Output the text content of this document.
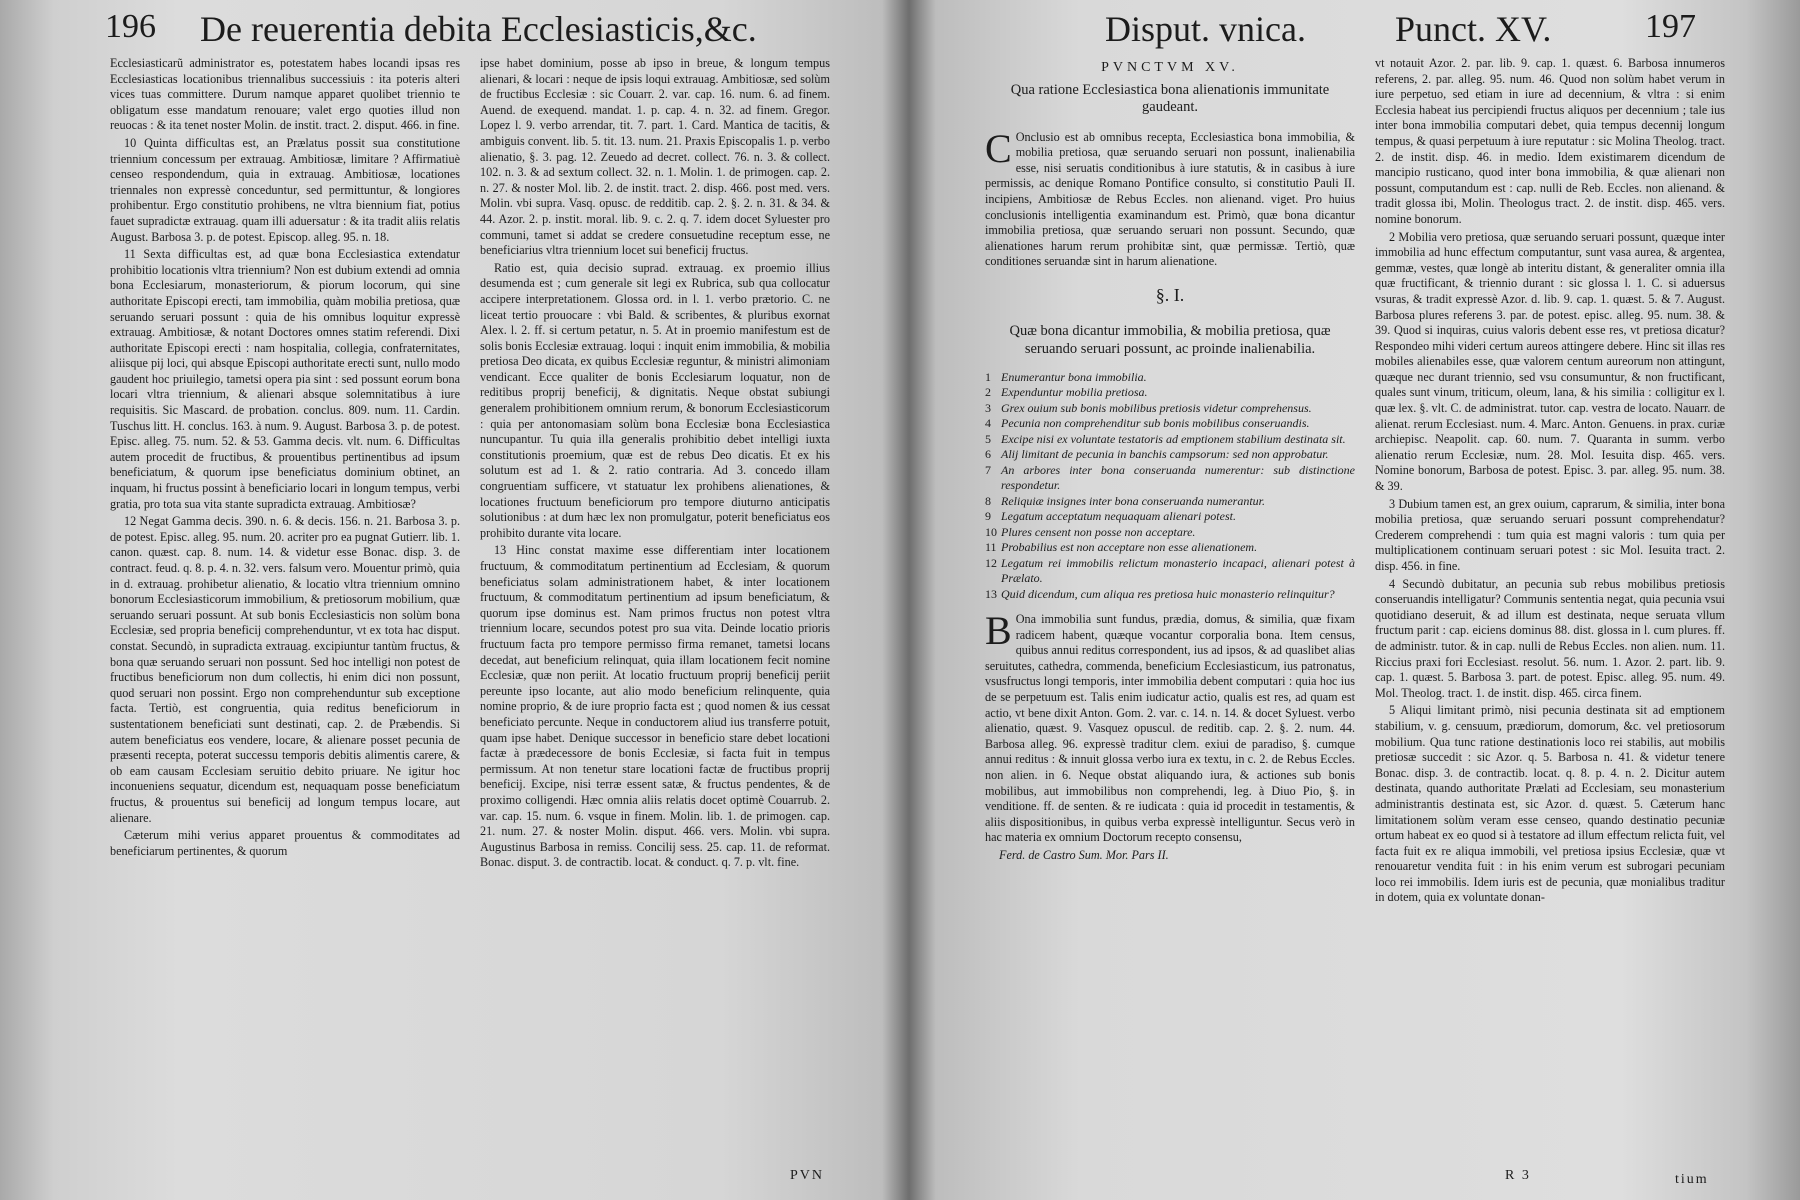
196 De reuerentia debita Ecclesiasticis,&c.

Ecclesiasticarũ administrator es, potestatem habes locandi ipsas res Ecclesiasticas locationibus triennalibus successiuis : ita poteris alteri vices tuas committere. Durum namque apparet quolibet triennio te obligatum esse mandatum renouare; valet ergo quoties illud non reuocas : & ita tenet noster Molin. de instit. tract. 2. disput. 466. in fine.

10 Quinta difficultas est, an Prælatus possit sua constitutione triennium concessum per extrauag. Ambitiosæ, limitare ? Affirmatiuè censeo respondendum, quia in extrauag. Ambitiosæ, locationes triennales non expressè conceduntur, sed permittuntur, & longiores prohibentur. Ergo constitutio prohibens, ne vltra biennium fiat, potius fauet supradictæ extrauag. quam illi aduersatur : & ita tradit aliis relatis August. Barbosa 3. p. de potest. Episcop. alleg. 95. n. 18.

11 Sexta difficultas est, ad quæ bona Ecclesiastica extendatur prohibitio locationis vltra triennium? Non est dubium extendi ad omnia bona Ecclesiarum, monasteriorum, & piorum locorum, qui sine authoritate Episcopi erecti, tam immobilia, quàm mobilia pretiosa, quæ seruando seruari possunt : quia de his omnibus loquitur expressè extrauag. Ambitiosæ, & notant Doctores omnes statim referendi. Dixi authoritate Episcopi erecti : nam hospitalia, collegia, confraternitates, aliisque pij loci, qui absque Episcopi authoritate erecti sunt, nullo modo gaudent hoc priuilegio, tametsi opera pia sint : sed possunt eorum bona locari vltra triennium, & alienari absque solemnitatibus à iure requisitis. Sic Mascard. de probation. conclus. 809. num. 11. Cardin. Tuschus litt. H. conclus. 163. à num. 9. August. Barbosa 3. p. de potest. Episc. alleg. 75. num. 52. & 53. Gamma decis. vlt. num. 6. Difficultas autem procedit de fructibus, & prouentibus pertinentibus ad ipsum beneficiatum, & quorum ipse beneficiatus dominium obtinet, an inquam, hi fructus possint à beneficiario locari in longum tempus, verbi gratia, pro tota sua vita stante supradicta extrauag. Ambitiosæ?

12 Negat Gamma decis. 390. n. 6. & decis. 156. n. 21. Barbosa 3. p. de potest. Episc. alleg. 95. num. 20. acriter pro ea pugnat Gutierr. lib. 1. canon. quæst. cap. 8. num. 14. & videtur esse Bonac. disp. 3. de contract. feud. q. 8. p. 4. n. 32. vers. falsum vero. Mouentur primò, quia in d. extrauag. prohibetur alienatio, & locatio vltra triennium omnino bonorum Ecclesiasticorum immobilium, & pretiosorum mobilium, quæ seruando seruari possunt. At sub bonis Ecclesiasticis non solùm bona Ecclesiæ, sed propria beneficij comprehenduntur, vt ex tota hac disput. constat. Secundò, in supradicta extrauag. excipiuntur tantùm fructus, & bona quæ seruando seruari non possunt. Sed hoc intelligi non potest de fructibus beneficiorum non dum collectis, hi enim dici non possunt, quod seruari non possint. Ergo non comprehenduntur sub exceptione facta. Tertiò, est congruentia, quia reditus beneficiorum in sustentationem beneficiati sunt destinati, cap. 2. de Præbendis. Si autem beneficiatus eos vendere, locare, & alienare posset pecunia de præsenti recepta, poterat successu temporis debitis alimentis carere, & ob eam causam Ecclesiam seruitio debito priuare. Ne igitur hoc inconueniens sequatur, dicendum est, nequaquam posse beneficiatum fructus, & prouentus sui beneficij ad longum tempus locare, aut alienare.

Cæterum mihi verius apparet prouentus & commoditates ad beneficiarum pertinentes, & quorum

ipse habet dominium, posse ab ipso in breue, & longum tempus alienari, & locari : neque de ipsis loqui extrauag. Ambitiosæ, sed solùm de fructibus Ecclesiæ : sic Couarr. 2. var. cap. 16. num. 6. ad finem. Auend. de exequend. mandat. 1. p. cap. 4. n. 32. ad finem. Gregor. Lopez l. 9. verbo arrendar, tit. 7. part. 1. Card. Mantica de tacitis, & ambiguis convent. lib. 5. tit. 13. num. 21. Praxis Episcopalis 1. p. verbo alienatio, §. 3. pag. 12. Zeuedo ad decret. collect. 76. n. 3. & collect. 102. n. 3. & ad sextum collect. 32. n. 1. Molin. 1. de primogen. cap. 2. n. 27. & noster Mol. lib. 2. de instit. tract. 2. disp. 466. post med. vers. Molin. vbi supra. Vasq. opusc. de redditib. cap. 2. §. 2. n. 31. & 34. & 44. Azor. 2. p. instit. moral. lib. 9. c. 2. q. 7. idem docet Syluester pro communi, tamet si addat se credere consuetudine receptum esse, ne beneficiarius vltra triennium locet sui beneficij fructus.

Ratio est, quia decisio suprad. extrauag. ex proemio illius desumenda est ; cum generale sit legi ex Rubrica, sub qua collocatur accipere interpretationem. Glossa ord. in l. 1. verbo prætorio. C. ne liceat tertio prouocare : vbi Bald. & scribentes, & pluribus exornat Alex. l. 2. ff. si certum petatur, n. 5. At in proemio manifestum est de solis bonis Ecclesiæ extrauag. loqui : inquit enim immobilia, & mobilia pretiosa Deo dicata, ex quibus Ecclesiæ reguntur, & ministri alimoniam vendicant. Ecce qualiter de bonis Ecclesiarum loquatur, non de reditibus proprij beneficij, & dignitatis. Neque obstat subiungi generalem prohibitionem omnium rerum, & bonorum Ecclesiasticorum : quia per antonomasiam solùm bona Ecclesiæ bona Ecclesiastica nuncupantur. Tu quia illa generalis prohibitio debet intelligi iuxta constitutionis proemium, quæ est de rebus Deo dicatis. Et ex his solutum est ad 1. & 2. ratio contraria. Ad 3. concedo illam congruentiam sufficere, vt statuatur lex prohibens alienationes, & locationes fructuum beneficiorum pro tempore diuturno anticipatis solutionibus : at dum hæc lex non promulgatur, poterit beneficiatus eos prohibito durante vita locare.

13 Hinc constat maxime esse differentiam inter locationem fructuum, & commoditatum pertinentium ad Ecclesiam, & quorum beneficiatus solam administrationem habet, & inter locationem fructuum, & commoditatum pertinentium ad ipsum beneficiatum, & quorum ipse dominus est. Nam primos fructus non potest vltra triennium locare, secundos potest pro sua vita. Deinde locatio prioris fructuum facta pro tempore permisso firma remanet, tametsi locans decedat, aut beneficium relinquat, quia illam locationem fecit nomine Ecclesiæ, quæ non periit. At locatio fructuum proprij beneficij periit pereunte ipso locante, aut alio modo beneficium relinquente, quia nomine proprio, & de iure proprio facta est ; quod nomen & ius cessat beneficiato percunte. Neque in conductorem aliud ius transferre potuit, quam ipse habet. Denique successor in beneficio stare debet locationi factæ à prædecessore de bonis Ecclesiæ, si facta fuit in tempus permissum. At non tenetur stare locationi factæ de fructibus proprij beneficij. Excipe, nisi terræ essent satæ, & fructus pendentes, & de proximo colligendi. Hæc omnia aliis relatis docet optimè Couarrub. 2. var. cap. 15. num. 6. vsque in finem. Molin. lib. 1. de primogen. cap. 21. num. 27. & noster Molin. disput. 466. vers. Molin. vbi supra. Augustinus Barbosa in remiss. Concilij sess. 25. cap. 11. de reformat. Bonac. disput. 3. de contractib. locat. & conduct. q. 7. p. vlt. fine.

PVN
Disput. vnica. Punct. XV.	197
PVNCTVM XV.
Qua ratione Ecclesiastica bona alienationis immunitate gaudeant.

C Onclusio est ab omnibus recepta, Ecclesiastica bona immobilia, & mobilia pretiosa, quæ seruando seruari non possunt, inalienabilia esse, nisi seruatis conditionibus à iure statutis, & in casibus à iure permissis, ac denique Romano Pontifice consulto, si constitutio Pauli II. incipiens, Ambitiosæ de Rebus Eccles. non alienand. viget. Pro huius conclusionis intelligentia examinandum est. Primò, quæ bona dicantur immobilia pretiosa, quæ seruando seruari non possunt. Secundo, quæ alienationes harum rerum prohibitæ sint, quæ permissæ. Tertiò, quæ conditiones seruandæ sint in harum alienatione.

§. I.
Quæ bona dicantur immobilia, & mobilia pretiosa, quæ seruando seruari possunt, ac proinde inalienabilia.
1 Enumerantur bona immobilia.
2 Expenduntur mobilia pretiosa.
3 Grex ouium sub bonis mobilibus pretiosis videtur comprehensus.
4 Pecunia non comprehenditur sub bonis mobilibus conseruandis.
5 Excipe nisi ex voluntate testatoris ad emptionem stabilium destinata sit.
6 Alij limitant de pecunia in banchis campsorum: sed non approbatur.
7 An arbores inter bona conseruanda numerentur: sub distinctione respondetur.
8 Reliquiæ insignes inter bona conseruanda numerantur.
9 Legatum acceptatum nequaquam alienari potest.
10 Plures censent non posse non acceptare.
11 Probabilius est non acceptare non esse alienationem.
12 Legatum rei immobilis relictum monasterio incapaci, alienari potest à Prælato.
13 Quid dicendum, cum aliqua res pretiosa huic monasterio relinquitur?

B Ona immobilia sunt fundus, prædia, domus, & similia, quæ fixam radicem habent, quæque vocantur corporalia bona. Item census, quibus annui reditus correspondent, ius ad ipsos, & ad quaslibet alias seruitutes, cathedra, commenda, beneficium Ecclesiasticum, ius patronatus, vsusfructus longi temporis, inter immobilia debent computari : quia hoc ius de se perpetuum est. Talis enim iudicatur actio, qualis est res, ad quam est actio, vt bene dixit Anton. Gom. 2. var. c. 14. n. 14. & docet Syluest. verbo alienatio, quæst. 9. Vasquez opuscul. de reditib. cap. 2. §. 2. num. 44. Barbosa alleg. 96. expressè traditur clem. exiui de paradiso, §. cumque annui reditus : & innuit glossa verbo iura ex textu, in c. 2. de Rebus Eccles. non alien. in 6. Neque obstat aliquando iura, & actiones sub bonis mobilibus, aut immobilibus non comprehendi, leg. à Diuo Pio, §. in venditione. ff. de senten. & re iudicata : quia id procedit in testamentis, & aliis dispositionibus, in quibus verba expressè intelliguntur. Secus verò in hac materia ex omnium Doctorum recepto consensu,

Ferd. de Castro Sum. Mor. Pars II.

vt notauit Azor. 2. par. lib. 9. cap. 1. quæst. 6. Barbosa innumeros referens, 2. par. alleg. 95. num. 46. Quod non solùm habet verum in iure perpetuo, sed etiam in iure ad decennium, & vltra : si enim Ecclesia habeat ius percipiendi fructus aliquos per decennium ; tale ius inter bona immobilia computari debet, quia tempus decennij longum tempus, & quasi perpetuum à iure reputatur : sic Molina Theolog. tract. 2. de instit. disp. 46. in medio. Idem existimarem dicendum de mancipio rusticano, quod inter bona immobilia, & quæ alienari non possunt, computandum est : cap. nulli de Reb. Eccles. non alienand. & tradit glossa ibi, Molin. Theologus tract. 2. de instit. disp. 465. vers. nomine bonorum.

2 Mobilia vero pretiosa, quæ seruando seruari possunt, quæque inter immobilia ad hunc effectum computantur, sunt vasa aurea, & argentea, gemmæ, vestes, quæ longè ab interitu distant, & generaliter omnia illa quæ fructificant, & triennio durant : sic glossa l. 1. C. si aduersus vsuras, & tradit expressè Azor. d. lib. 9. cap. 1. quæst. 5. & 7. August. Barbosa plures referens 3. par. de potest. episc. alleg. 95. num. 38. & 39. Quod si inquiras, cuius valoris debent esse res, vt pretiosa dicatur? Respondeo mihi videri certum aureos attingere debere. Hinc sit illas res mobiles alienabiles esse, quæ valorem centum aureorum non attingunt, quæque nec durant triennio, sed vsu consumuntur, & non fructificant, quales sunt vinum, triticum, oleum, lana, & his similia : colligitur ex l. quæ lex. §. vlt. C. de administrat. tutor. cap. vestra de locato. Nauarr. de alienat. rerum Ecclesiast. num. 4. Marc. Anton. Genuens. in prax. curiæ archiepisc. Neapolit. cap. 60. num. 7. Quaranta in summ. verbo alienatio rerum Ecclesiæ, num. 28. Mol. Iesuita disp. 465. vers. Nomine bonorum, Barbosa de potest. Episc. 3. par. alleg. 95. num. 38. & 39.

3 Dubium tamen est, an grex ouium, caprarum, & similia, inter bona mobilia pretiosa, quæ seruando seruari possunt comprehendatur? Crederem comprehendi : tum quia est magni valoris : tum quia per multiplicationem continuam seruari potest : sic Mol. Iesuita tract. 2. disp. 456. in fine.

4 Secundò dubitatur, an pecunia sub rebus mobilibus pretiosis conseruandis intelligatur? Communis sententia negat, quia pecunia vsui quotidiano deseruit, & ad illum est destinata, neque seruata vllum fructum parit : cap. eiciens dominus 88. dist. glossa in l. cum plures. ff. de administr. tutor. & in cap. nulli de Rebus Eccles. non alien. num. 11. Riccius praxi fori Ecclesiast. resolut. 56. num. 1. Azor. 2. part. lib. 9. cap. 1. quæst. 5. Barbosa 3. part. de potest. Episc. alleg. 95. num. 49. Mol. Theolog. tract. 1. de instit. disp. 465. circa finem.

5 Aliqui limitant primò, nisi pecunia destinata sit ad emptionem stabilium, v. g. censuum, prædiorum, domorum, &c. vel pretiosorum mobilium. Qua tunc ratione destinationis loco rei stabilis, aut mobilis pretiosæ succedit : sic Azor. q. 5. Barbosa n. 41. & videtur tenere Bonac. disp. 3. de contractib. locat. q. 8. p. 4. n. 2. Dicitur autem destinata, quando authoritate Prælati ad Ecclesiam, seu monasterium administrantis destinata est, sic Azor. d. quæst. 5. Cæterum hanc limitationem solùm veram esse censeo, quando destinatio pecuniæ ortum habeat ex eo quod si à testatore ad illum effectum relicta fuit, vel facta fuit ex re aliqua immobili, vel pretiosa ipsius Ecclesiæ, quæ vt renouaretur vendita fuit : in his enim verum est subrogari pecuniam loco rei immobilis. Idem iuris est de pecunia, quæ monialibus traditur in dotem, quia ex voluntate donan-

R 3	tium
